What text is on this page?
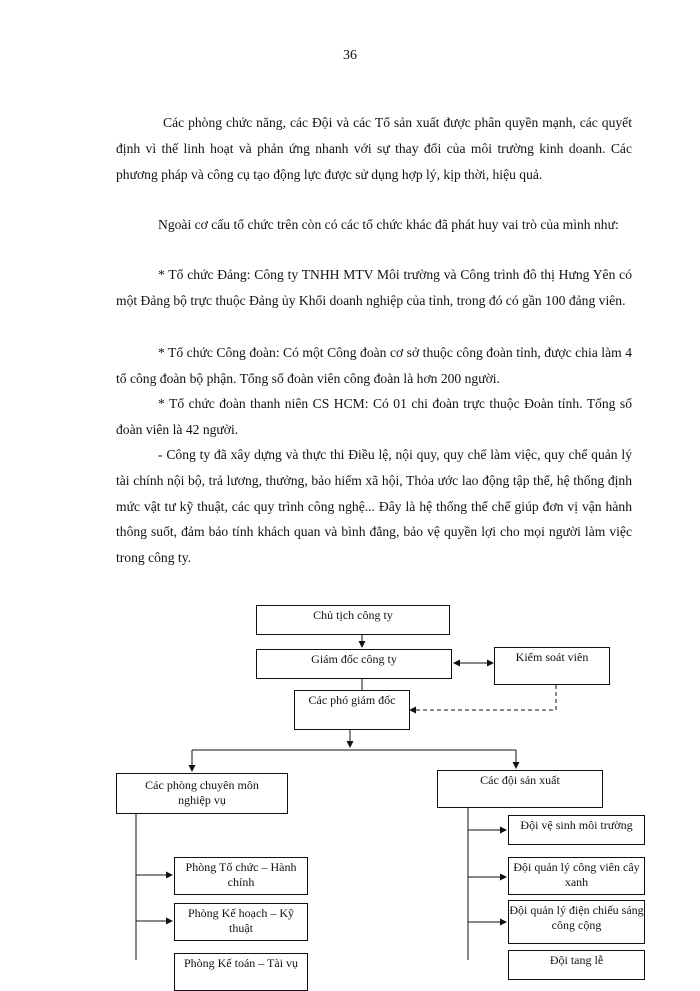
36

Các phòng chức năng, các Đội và các Tổ sản xuất được phân quyền mạnh, các quyết định vì thế linh hoạt và phản ứng nhanh với sự thay đổi của môi trường kinh doanh. Các phương pháp và công cụ tạo động lực được sử dụng hợp lý, kịp thời, hiệu quả.

Ngoài cơ cấu tổ chức trên còn có các tổ chức khác đã phát huy vai trò của mình như:

* Tổ chức Đảng: Công ty TNHH MTV Môi trường và Công trình đô thị Hưng Yên có một Đảng bộ trực thuộc Đảng ủy Khối doanh nghiệp của tỉnh, trong đó có gần 100 đảng viên.

* Tổ chức Công đoàn: Có một Công đoàn cơ sở thuộc công đoàn tỉnh, được chia làm 4 tổ công đoàn bộ phận. Tổng số đoàn viên công đoàn là hơn 200 người.

* Tổ chức đoàn thanh niên CS HCM: Có 01 chi đoàn trực thuộc Đoàn tỉnh. Tổng số đoàn viên là 42 người.

- Công ty đã xây dựng và thực thi Điều lệ, nội quy, quy chế làm việc, quy chế quản lý tài chính nội bộ, trả lương, thưởng, bảo hiểm xã hội, Thỏa ước lao động tập thể, hệ thống định mức vật tư kỹ thuật, các quy trình công nghệ... Đây là hệ thống thể chế giúp đơn vị vận hành thông suốt, đảm bảo tính khách quan và bình đẳng, bảo vệ quyền lợi cho mọi người làm việc trong công ty.

Chủ tịch công ty
Giám đốc công ty	Kiểm soát viên
Các phó giám đốc
Các phòng chuyên môn nghiệp vụ
Các đội sản xuất
Phòng Tổ chức – Hành chính
Phòng Kế hoạch – Kỹ thuật
Phòng Kế toán – Tài vụ
Đội vệ sinh môi trường
Đội quản lý công viên cây xanh
Đội quản lý điện chiếu sáng công cộng
Đội tang lễ
